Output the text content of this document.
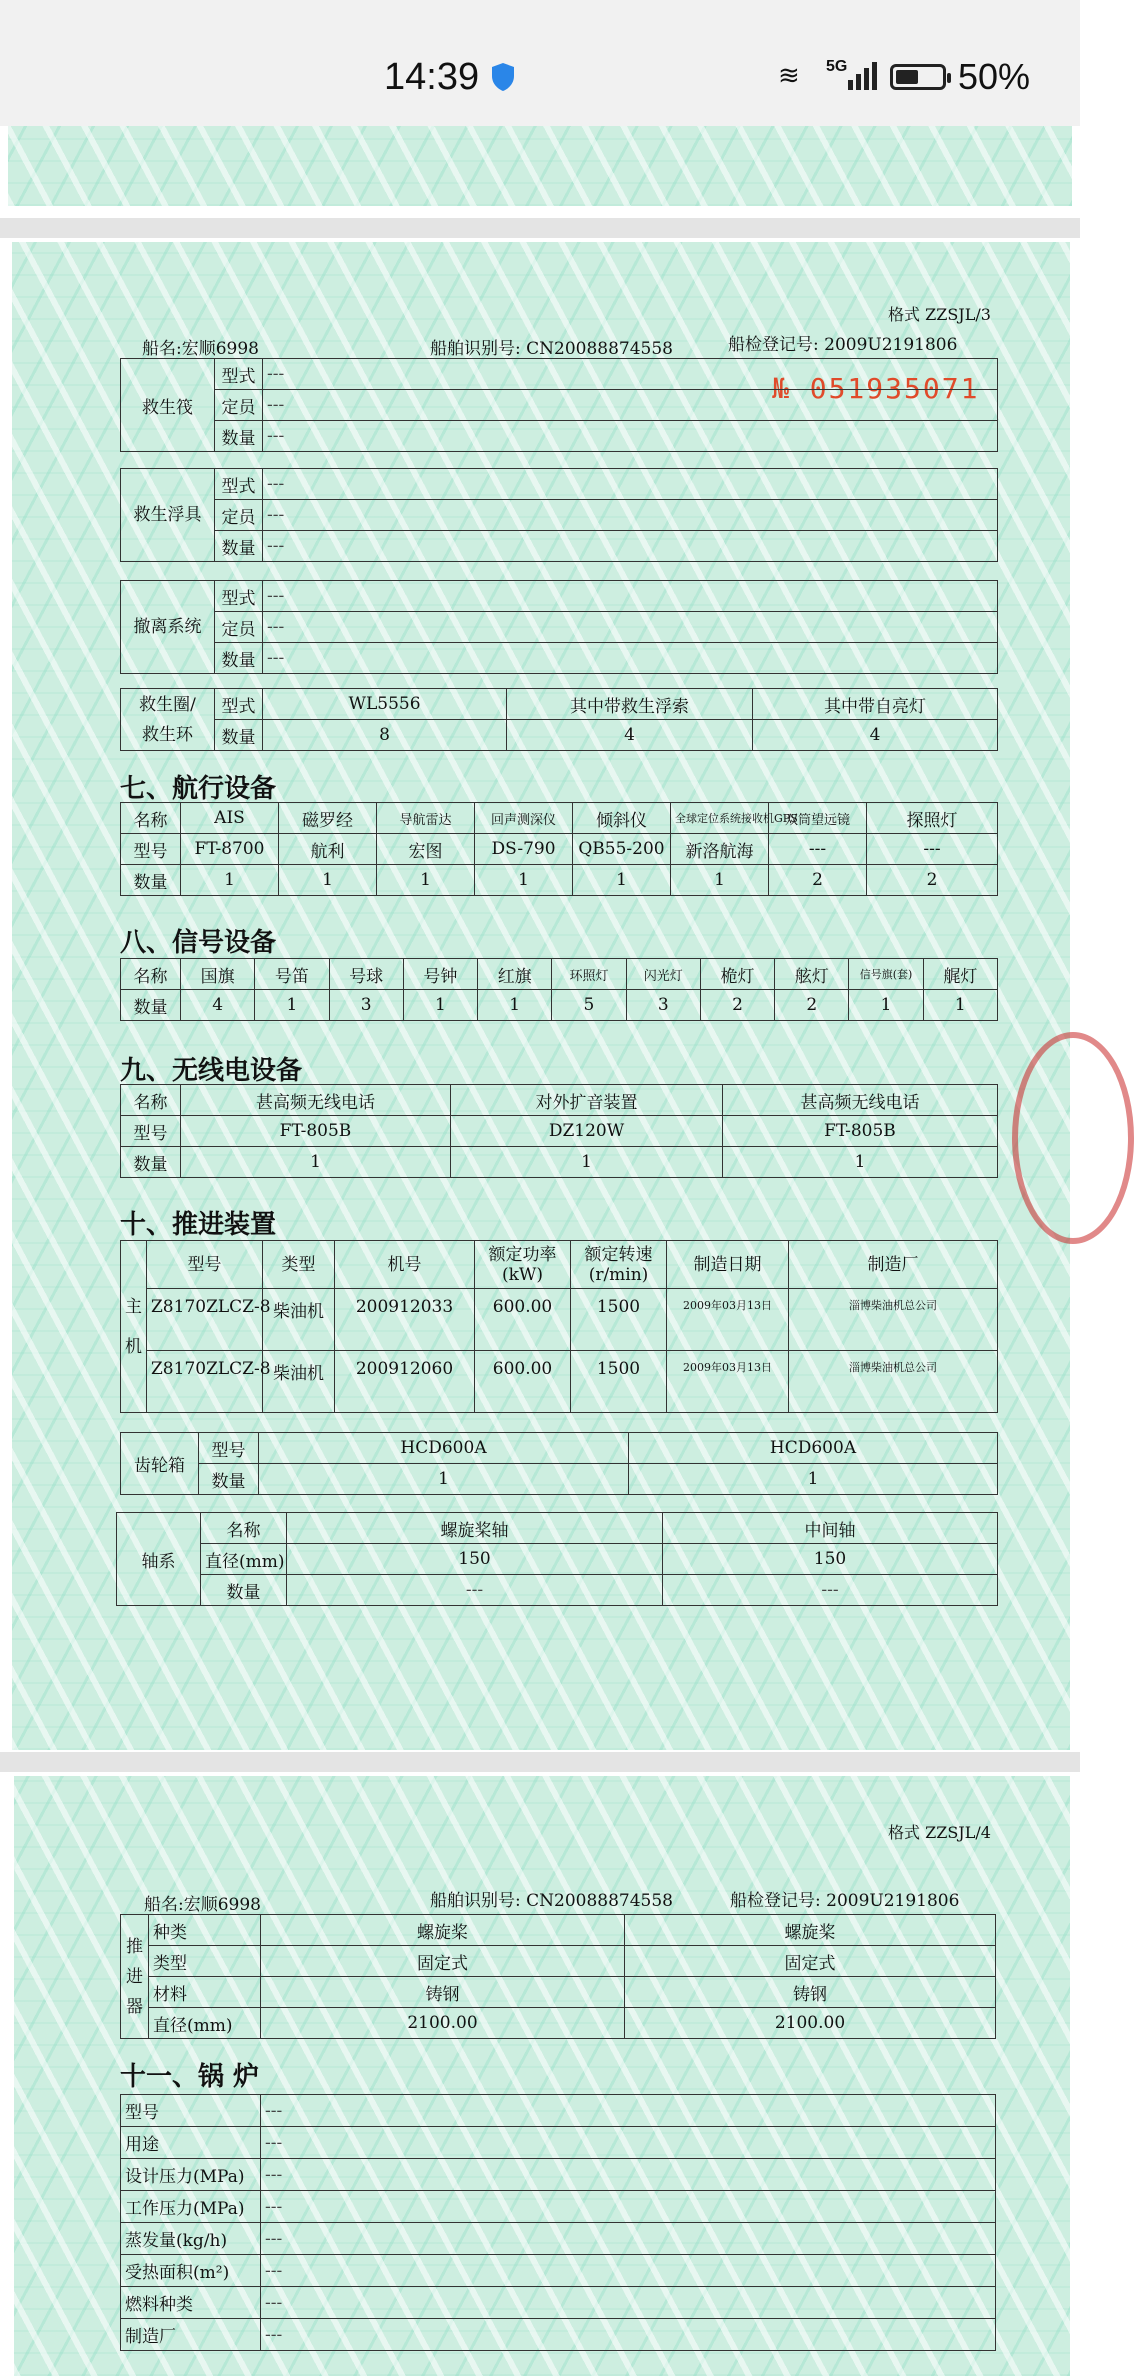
14:39	≋ 5G	50%
格式 ZZSJL/3
船名:宏顺6998	船舶识别号: CN20088874558	船检登记号: 2009U2191806
№ 051935071
救生筏	型式	---
	定员	---
	数量	---
救生浮具	型式	---
	定员	---
	数量	---
撤离系统	型式	---
	定员	---
	数量	---
救生圈/
救生环	型式	WL5556	其中带救生浮索	其中带自亮灯
	数量	8	4	4
七、航行设备
名称	AIS	磁罗经	导航雷达	回声测深仪	倾斜仪	全球定位系统接收机GPS	双筒望远镜	探照灯
型号	FT-8700	航利	宏图	DS-790	QB55-200	新洛航海	---	---
数量	1	1	1	1	1	1	2	2
八、信号设备
名称	国旗	号笛	号球	号钟	红旗	环照灯	闪光灯	桅灯	舷灯	信号旗(套)	艉灯
数量	4	1	3	1	1	5	3	2	2	1	1
九、无线电设备
名称	甚高频无线电话	对外扩音装置	甚高频无线电话
型号	FT-805B	DZ120W	FT-805B
数量	1	1	1
十、推进装置
主机	型号	类型	机号	额定功率(kW)	额定转速(r/min)	制造日期	制造厂
	Z8170ZLCZ-8	柴油机	200912033	600.00	1500	2009年03月13日	淄博柴油机总公司
	Z8170ZLCZ-8	柴油机	200912060	600.00	1500	2009年03月13日	淄博柴油机总公司
齿轮箱	型号	HCD600A	HCD600A
	数量	1	1
轴系	名称	螺旋桨轴	中间轴
	直径(mm)	150	150
	数量	---	---
格式 ZZSJL/4
船名:宏顺6998	船舶识别号: CN20088874558	船检登记号: 2009U2191806
推进器	种类	螺旋桨	螺旋桨
	类型	固定式	固定式
	材料	铸钢	铸钢
	直径(mm)	2100.00	2100.00
十一、锅 炉
型号	---
用途	---
设计压力(MPa)	---
工作压力(MPa)	---
蒸发量(kg/h)	---
受热面积(m²)	---
燃料种类	---
制造厂	---
